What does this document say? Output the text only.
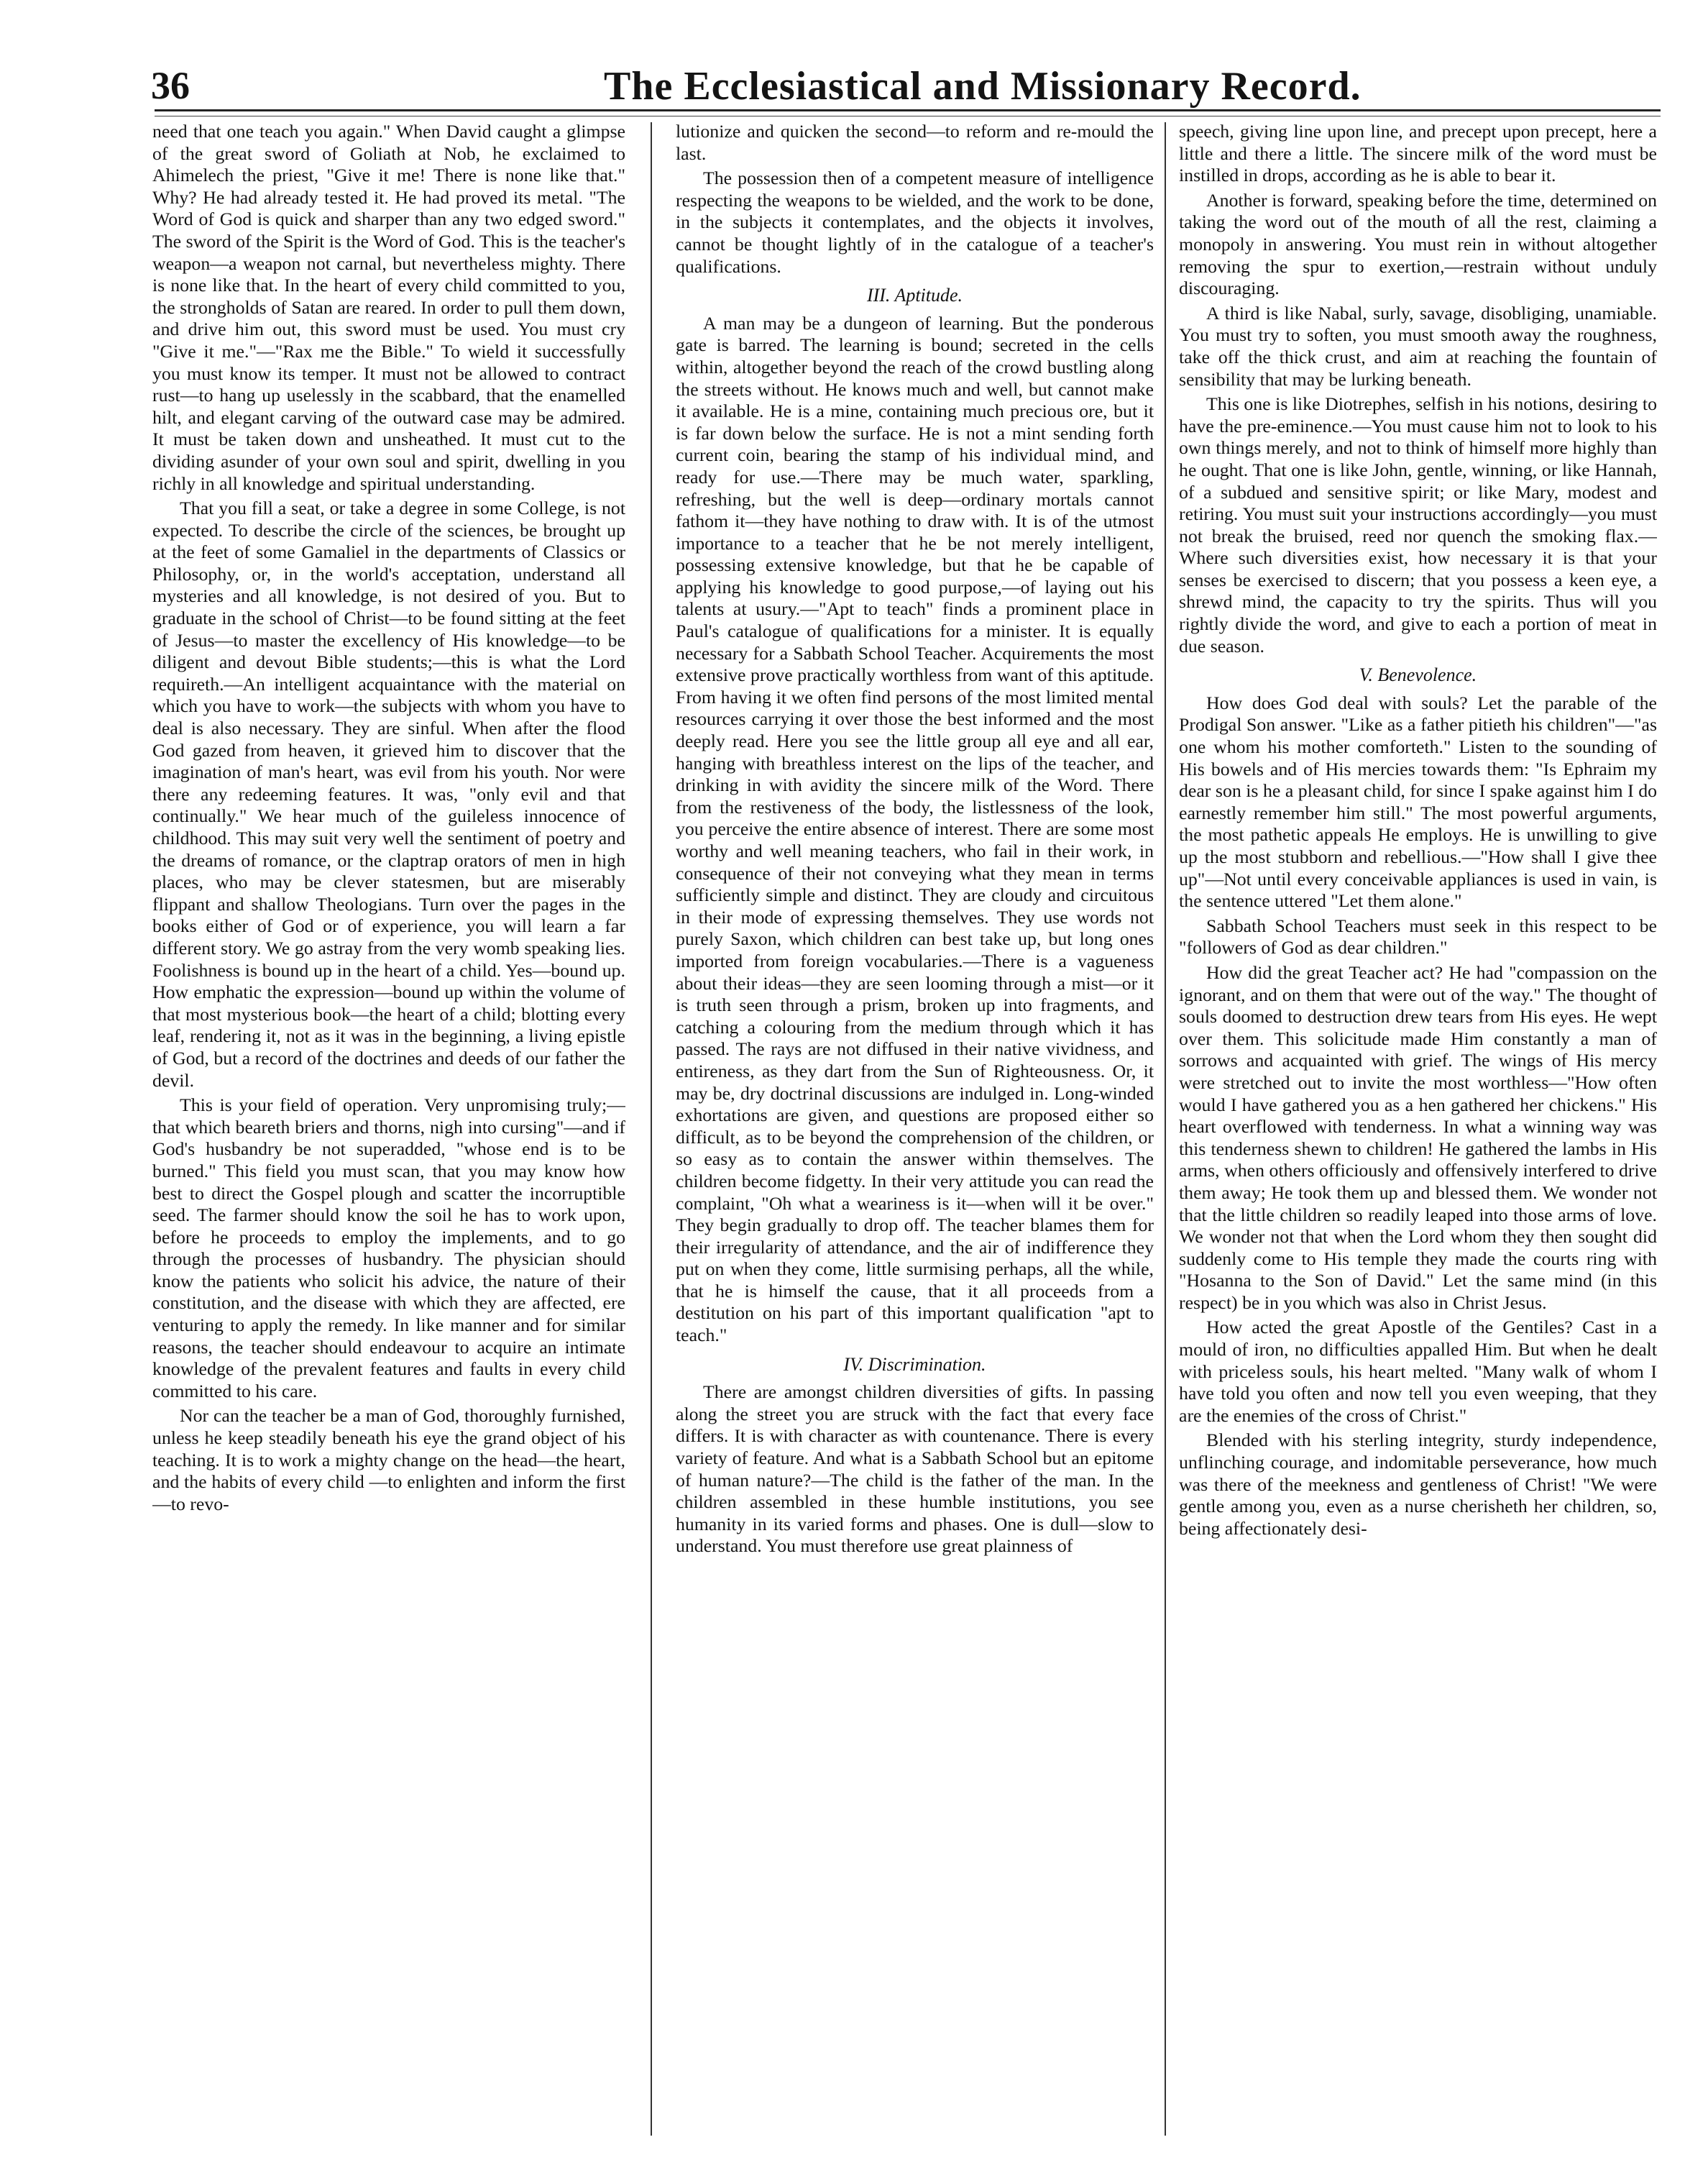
36	The Ecclesiastical and Missionary Record.

need that one teach you again." When David caught a glimpse of the great sword of Goliath at Nob, he exclaimed to Ahimelech the priest, "Give it me! There is none like that." Why? He had already tested it. He had proved its metal. "The Word of God is quick and sharper than any two edged sword." The sword of the Spirit is the Word of God. This is the teacher's weapon—a weapon not carnal, but nevertheless mighty. There is none like that. In the heart of every child committed to you, the strongholds of Satan are reared. In order to pull them down, and drive him out, this sword must be used. You must cry "Give it me."—"Rax me the Bible." To wield it successfully you must know its temper. It must not be allowed to contract rust—to hang up uselessly in the scabbard, that the enamelled hilt, and elegant carving of the outward case may be admired. It must be taken down and unsheathed. It must cut to the dividing asunder of your own soul and spirit, dwelling in you richly in all knowledge and spiritual understanding.

That you fill a seat, or take a degree in some College, is not expected. To describe the circle of the sciences, be brought up at the feet of some Gamaliel in the departments of Classics or Philosophy, or, in the world's acceptation, understand all mysteries and all knowledge, is not desired of you. But to graduate in the school of Christ—to be found sitting at the feet of Jesus—to master the excellency of His knowledge—to be diligent and devout Bible students;—this is what the Lord requireth.—An intelligent acquaintance with the material on which you have to work—the subjects with whom you have to deal is also necessary. They are sinful. When after the flood God gazed from heaven, it grieved him to discover that the imagination of man's heart, was evil from his youth. Nor were there any redeeming features. It was, "only evil and that continually." We hear much of the guileless innocence of childhood. This may suit very well the sentiment of poetry and the dreams of romance, or the claptrap orators of men in high places, who may be clever statesmen, but are miserably flippant and shallow Theologians. Turn over the pages in the books either of God or of experience, you will learn a far different story. We go astray from the very womb speaking lies. Foolishness is bound up in the heart of a child. Yes—bound up. How emphatic the expression—bound up within the volume of that most mysterious book—the heart of a child; blotting every leaf, rendering it, not as it was in the beginning, a living epistle of God, but a record of the doctrines and deeds of our father the devil.

This is your field of operation. Very unpromising truly;—that which beareth briers and thorns, nigh into cursing"—and if God's husbandry be not superadded, "whose end is to be burned." This field you must scan, that you may know how best to direct the Gospel plough and scatter the incorruptible seed. The farmer should know the soil he has to work upon, before he proceeds to employ the implements, and to go through the processes of husbandry. The physician should know the patients who solicit his advice, the nature of their constitution, and the disease with which they are affected, ere venturing to apply the remedy. In like manner and for similar reasons, the teacher should endeavour to acquire an intimate knowledge of the prevalent features and faults in every child committed to his care.

Nor can the teacher be a man of God, thoroughly furnished, unless he keep steadily beneath his eye the grand object of his teaching. It is to work a mighty change on the head—the heart, and the habits of every child —to enlighten and inform the first—to revo-

lutionize and quicken the second—to reform and re-mould the last.

The possession then of a competent measure of intelligence respecting the weapons to be wielded, and the work to be done, in the subjects it contemplates, and the objects it involves, cannot be thought lightly of in the catalogue of a teacher's qualifications.

III. Aptitude.

A man may be a dungeon of learning. But the ponderous gate is barred. The learning is bound; secreted in the cells within, altogether beyond the reach of the crowd bustling along the streets without. He knows much and well, but cannot make it available. He is a mine, containing much precious ore, but it is far down below the surface. He is not a mint sending forth current coin, bearing the stamp of his individual mind, and ready for use.—There may be much water, sparkling, refreshing, but the well is deep—ordinary mortals cannot fathom it—they have nothing to draw with. It is of the utmost importance to a teacher that he be not merely intelligent, possessing extensive knowledge, but that he be capable of applying his knowledge to good purpose,—of laying out his talents at usury.—"Apt to teach" finds a prominent place in Paul's catalogue of qualifications for a minister. It is equally necessary for a Sabbath School Teacher. Acquirements the most extensive prove practically worthless from want of this aptitude. From having it we often find persons of the most limited mental resources carrying it over those the best informed and the most deeply read. Here you see the little group all eye and all ear, hanging with breathless interest on the lips of the teacher, and drinking in with avidity the sincere milk of the Word. There from the restiveness of the body, the listlessness of the look, you perceive the entire absence of interest. There are some most worthy and well meaning teachers, who fail in their work, in consequence of their not conveying what they mean in terms sufficiently simple and distinct. They are cloudy and circuitous in their mode of expressing themselves. They use words not purely Saxon, which children can best take up, but long ones imported from foreign vocabularies.—There is a vagueness about their ideas—they are seen looming through a mist—or it is truth seen through a prism, broken up into fragments, and catching a colouring from the medium through which it has passed. The rays are not diffused in their native vividness, and entireness, as they dart from the Sun of Righteousness. Or, it may be, dry doctrinal discussions are indulged in. Long-winded exhortations are given, and questions are proposed either so difficult, as to be beyond the comprehension of the children, or so easy as to contain the answer within themselves. The children become fidgetty. In their very attitude you can read the complaint, "Oh what a weariness is it—when will it be over." They begin gradually to drop off. The teacher blames them for their irregularity of attendance, and the air of indifference they put on when they come, little surmising perhaps, all the while, that he is himself the cause, that it all proceeds from a destitution on his part of this important qualification "apt to teach."

IV. Discrimination.

There are amongst children diversities of gifts. In passing along the street you are struck with the fact that every face differs. It is with character as with countenance. There is every variety of feature. And what is a Sabbath School but an epitome of human nature?—The child is the father of the man. In the children assembled in these humble institutions, you see humanity in its varied forms and phases. One is dull—slow to understand. You must therefore use great plainness of

speech, giving line upon line, and precept upon precept, here a little and there a little. The sincere milk of the word must be instilled in drops, according as he is able to bear it.

Another is forward, speaking before the time, determined on taking the word out of the mouth of all the rest, claiming a monopoly in answering. You must rein in without altogether removing the spur to exertion,—restrain without unduly discouraging.

A third is like Nabal, surly, savage, disobliging, unamiable. You must try to soften, you must smooth away the roughness, take off the thick crust, and aim at reaching the fountain of sensibility that may be lurking beneath.

This one is like Diotrephes, selfish in his notions, desiring to have the pre-eminence.—You must cause him not to look to his own things merely, and not to think of himself more highly than he ought. That one is like John, gentle, winning, or like Hannah, of a subdued and sensitive spirit; or like Mary, modest and retiring. You must suit your instructions accordingly—you must not break the bruised, reed nor quench the smoking flax.—Where such diversities exist, how necessary it is that your senses be exercised to discern; that you possess a keen eye, a shrewd mind, the capacity to try the spirits. Thus will you rightly divide the word, and give to each a portion of meat in due season.

V. Benevolence.

How does God deal with souls? Let the parable of the Prodigal Son answer. "Like as a father pitieth his children"—"as one whom his mother comforteth." Listen to the sounding of His bowels and of His mercies towards them: "Is Ephraim my dear son is he a pleasant child, for since I spake against him I do earnestly remember him still." The most powerful arguments, the most pathetic appeals He employs. He is unwilling to give up the most stubborn and rebellious.—"How shall I give thee up"—Not until every conceivable appliances is used in vain, is the sentence uttered "Let them alone."

Sabbath School Teachers must seek in this respect to be "followers of God as dear children."

How did the great Teacher act? He had "compassion on the ignorant, and on them that were out of the way." The thought of souls doomed to destruction drew tears from His eyes. He wept over them. This solicitude made Him constantly a man of sorrows and acquainted with grief. The wings of His mercy were stretched out to invite the most worthless—"How often would I have gathered you as a hen gathered her chickens." His heart overflowed with tenderness. In what a winning way was this tenderness shewn to children! He gathered the lambs in His arms, when others officiously and offensively interfered to drive them away; He took them up and blessed them. We wonder not that the little children so readily leaped into those arms of love. We wonder not that when the Lord whom they then sought did suddenly come to His temple they made the courts ring with "Hosanna to the Son of David." Let the same mind (in this respect) be in you which was also in Christ Jesus.

How acted the great Apostle of the Gentiles? Cast in a mould of iron, no difficulties appalled Him. But when he dealt with priceless souls, his heart melted. "Many walk of whom I have told you often and now tell you even weeping, that they are the enemies of the cross of Christ."

Blended with his sterling integrity, sturdy independence, unflinching courage, and indomitable perseverance, how much was there of the meekness and gentleness of Christ! "We were gentle among you, even as a nurse cherisheth her children, so, being affectionately desi-
